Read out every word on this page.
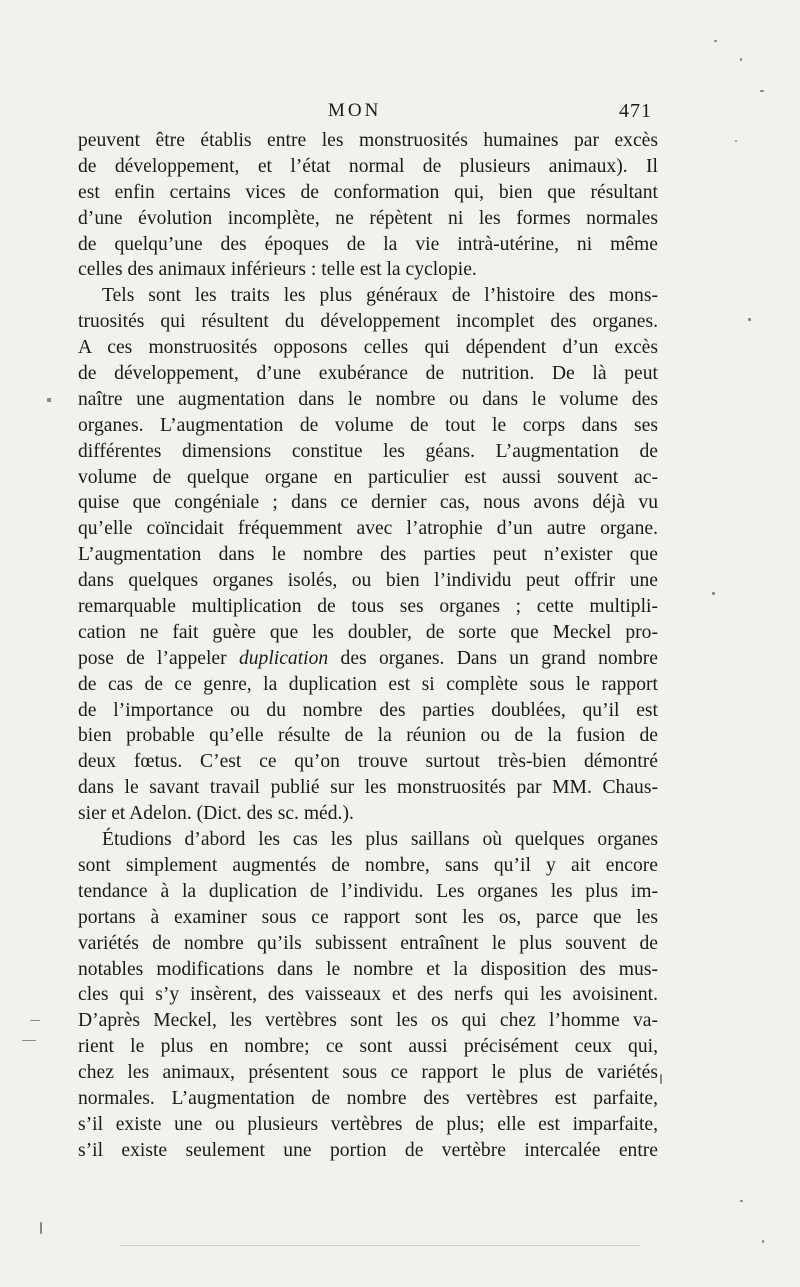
MON	471
peuvent être établis entre les monstruosités humaines par excès
de développement, et l’état normal de plusieurs animaux). Il
est enfin certains vices de conformation qui, bien que résultant
d’une évolution incomplète, ne répètent ni les formes normales
de quelqu’une des époques de la vie intrà-utérine, ni même
celles des animaux inférieurs : telle est la cyclopie.
Tels sont les traits les plus généraux de l’histoire des mons-
truosités qui résultent du développement incomplet des organes.
A ces monstruosités opposons celles qui dépendent d’un excès
de développement, d’une exubérance de nutrition. De là peut
naître une augmentation dans le nombre ou dans le volume des
organes. L’augmentation de volume de tout le corps dans ses
différentes dimensions constitue les géans. L’augmentation de
volume de quelque organe en particulier est aussi souvent ac-
quise que congéniale ; dans ce dernier cas, nous avons déjà vu
qu’elle coïncidait fréquemment avec l’atrophie d’un autre organe.
L’augmentation dans le nombre des parties peut n’exister que
dans quelques organes isolés, ou bien l’individu peut offrir une
remarquable multiplication de tous ses organes ; cette multipli-
cation ne fait guère que les doubler, de sorte que Meckel pro-
pose de l’appeler duplication des organes. Dans un grand nombre
de cas de ce genre, la duplication est si complète sous le rapport
de l’importance ou du nombre des parties doublées, qu’il est
bien probable qu’elle résulte de la réunion ou de la fusion de
deux fœtus. C’est ce qu’on trouve surtout très-bien démontré
dans le savant travail publié sur les monstruosités par MM. Chaus-
sier et Adelon. (Dict. des sc. méd.).
Étudions d’abord les cas les plus saillans où quelques organes
sont simplement augmentés de nombre, sans qu’il y ait encore
tendance à la duplication de l’individu. Les organes les plus im-
portans à examiner sous ce rapport sont les os, parce que les
variétés de nombre qu’ils subissent entraînent le plus souvent de
notables modifications dans le nombre et la disposition des mus-
cles qui s’y insèrent, des vaisseaux et des nerfs qui les avoisinent.
D’après Meckel, les vertèbres sont les os qui chez l’homme va-
rient le plus en nombre; ce sont aussi précisément ceux qui,
chez les animaux, présentent sous ce rapport le plus de variétés
normales. L’augmentation de nombre des vertèbres est parfaite,
s’il existe une ou plusieurs vertèbres de plus; elle est imparfaite,
s’il existe seulement une portion de vertèbre intercalée entre
